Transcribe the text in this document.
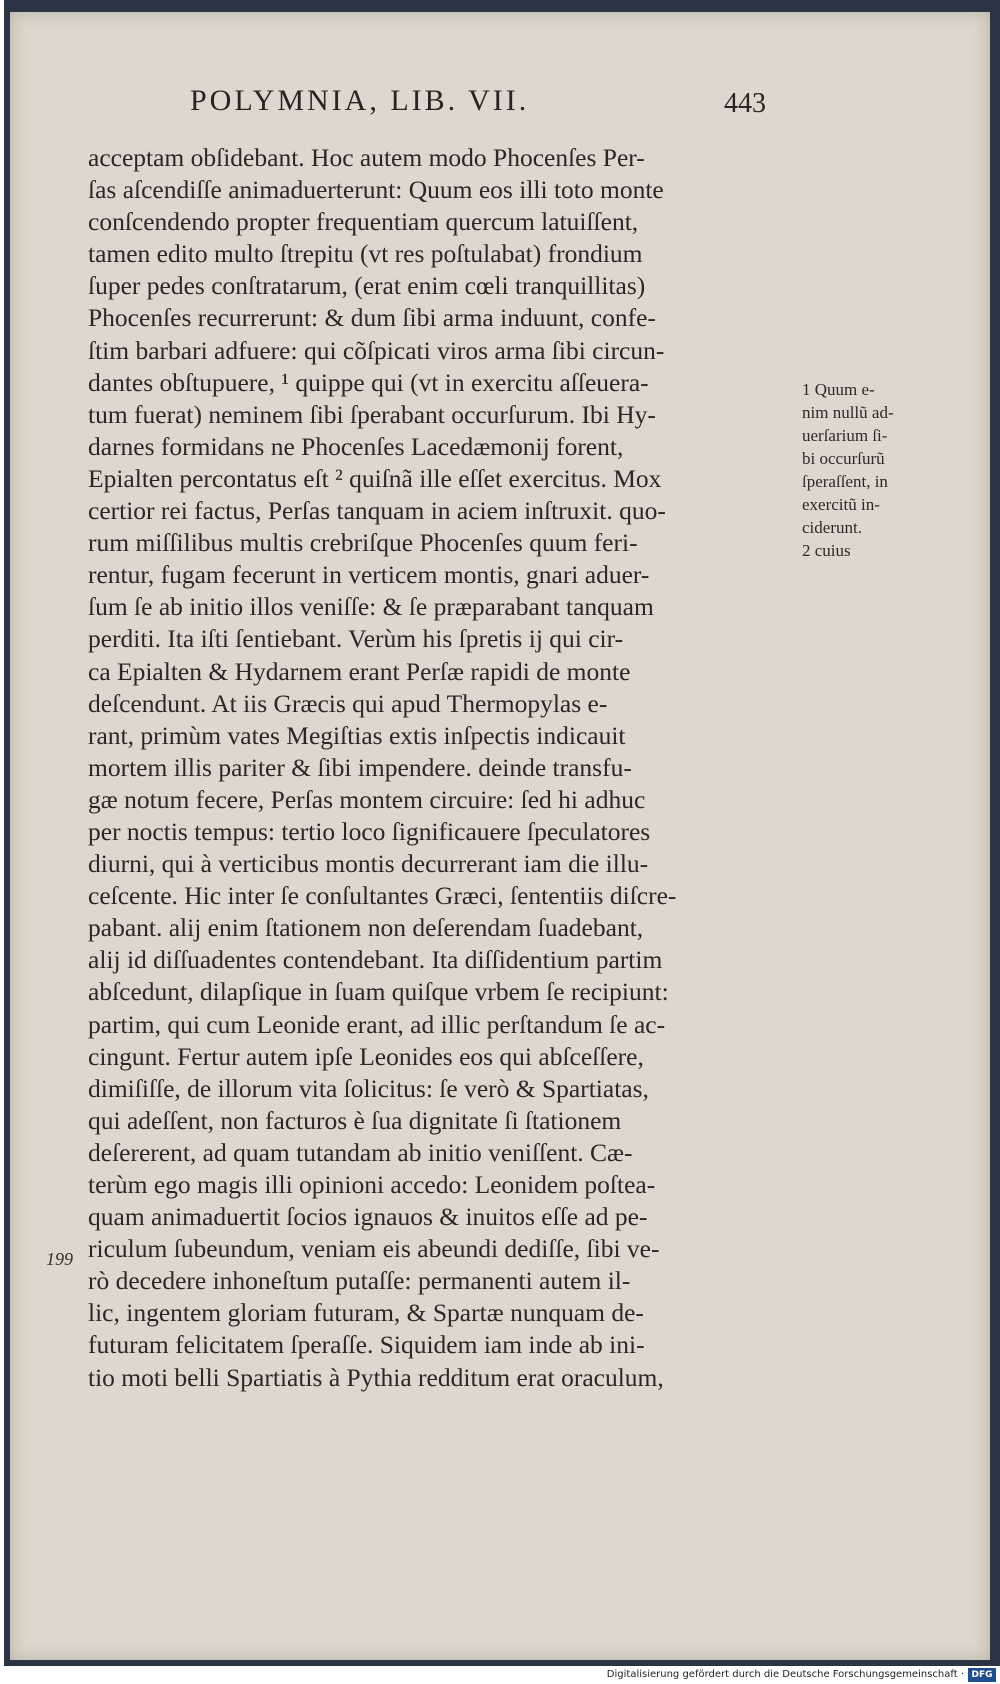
POLYMNIA, LIB. VII.	443
acceptam obſidebant. Hoc autem modo Phocenſes Per-
ſas aſcendiſſe animaduerterunt: Quum eos illi toto monte
conſcendendo propter frequentiam quercum latuiſſent,
tamen edito multo ſtrepitu (vt res poſtulabat) frondium
ſuper pedes conſtratarum, (erat enim cœli tranquillitas)
Phocenſes recurrerunt: & dum ſibi arma induunt, confe-
ſtim barbari adfuere: qui cõſpicati viros arma ſibi circun-
dantes obſtupuere, ¹ quippe qui (vt in exercitu aſſeuera-
tum fuerat) neminem ſibi ſperabant occurſurum. Ibi Hy-
darnes formidans ne Phocenſes Lacedæmonij forent,
Epialten percontatus eſt ² quiſnã ille eſſet exercitus. Mox
certior rei factus, Perſas tanquam in aciem inſtruxit. quo-
rum miſſilibus multis crebriſque Phocenſes quum feri-
rentur, fugam fecerunt in verticem montis, gnari aduer-
ſum ſe ab initio illos veniſſe: & ſe præparabant tanquam
perditi. Ita iſti ſentiebant. Verùm his ſpretis ij qui cir-
ca Epialten & Hydarnem erant Perſæ rapidi de monte
deſcendunt. At iis Græcis qui apud Thermopylas e-
rant, primùm vates Megiſtias extis inſpectis indicauit
mortem illis pariter & ſibi impendere. deinde transfu-
gæ notum fecere, Perſas montem circuire: ſed hi adhuc
per noctis tempus: tertio loco ſignificauere ſpeculatores
diurni, qui à verticibus montis decurrerant iam die illu-
ceſcente. Hic inter ſe conſultantes Græci, ſententiis diſcre-
pabant. alij enim ſtationem non deſerendam ſuadebant,
alij id diſſuadentes contendebant. Ita diſſidentium partim
abſcedunt, dilapſique in ſuam quiſque vrbem ſe recipiunt:
partim, qui cum Leonide erant, ad illic perſtandum ſe ac-
cingunt. Fertur autem ipſe Leonides eos qui abſceſſere,
dimiſiſſe, de illorum vita ſolicitus: ſe verò & Spartiatas,
qui adeſſent, non facturos è ſua dignitate ſi ſtationem
deſererent, ad quam tutandam ab initio veniſſent. Cæ-
terùm ego magis illi opinioni accedo: Leonidem poſtea-
quam animaduertit ſocios ignauos & inuitos eſſe ad pe-
riculum ſubeundum, veniam eis abeundi dediſſe, ſibi ve-
rò decedere inhoneſtum putaſſe: permanenti autem il-
lic, ingentem gloriam futuram, & Spartæ nunquam de-
futuram felicitatem ſperaſſe. Siquidem iam inde ab ini-
tio moti belli Spartiatis à Pythia redditum erat oraculum,
1 Quum e-
nim nullũ ad-
uerſarium ſi-
bi occurſurũ
ſperaſſent, in
exercitũ in-
ciderunt.
2 cuius
199
Digitalisierung gefördert durch die Deutsche Forschungsgemeinschaft · DFG
